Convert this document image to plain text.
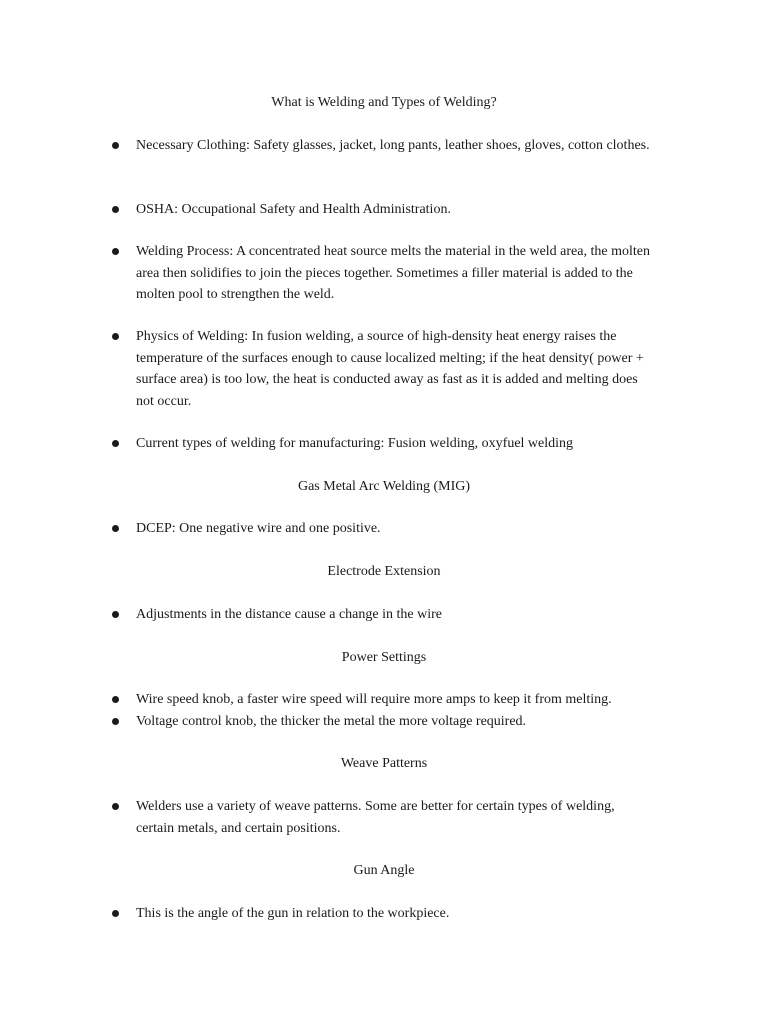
What is Welding and Types of Welding?
Necessary Clothing: Safety glasses, jacket, long pants, leather shoes, gloves, cotton clothes.
OSHA: Occupational Safety and Health Administration.
Welding Process: A concentrated heat source melts the material in the weld area, the molten area then solidifies to join the pieces together. Sometimes a filler material is added to the molten pool to strengthen the weld.
Physics of Welding: In fusion welding, a source of high-density heat energy raises the temperature of the surfaces enough to cause localized melting; if the heat density( power + surface area) is too low, the heat is conducted away as fast as it is added and melting does not occur.
Current types of welding for manufacturing: Fusion welding, oxyfuel welding
Gas Metal Arc Welding (MIG)
DCEP: One negative wire and one positive.
Electrode Extension
Adjustments in the distance cause a change in the wire
Power Settings
Wire speed knob, a faster wire speed will require more amps to keep it from melting.
Voltage control knob, the thicker the metal the more voltage required.
Weave Patterns
Welders use a variety of weave patterns. Some are better for certain types of welding, certain metals, and certain positions.
Gun Angle
This is the angle of the gun in relation to the workpiece.
